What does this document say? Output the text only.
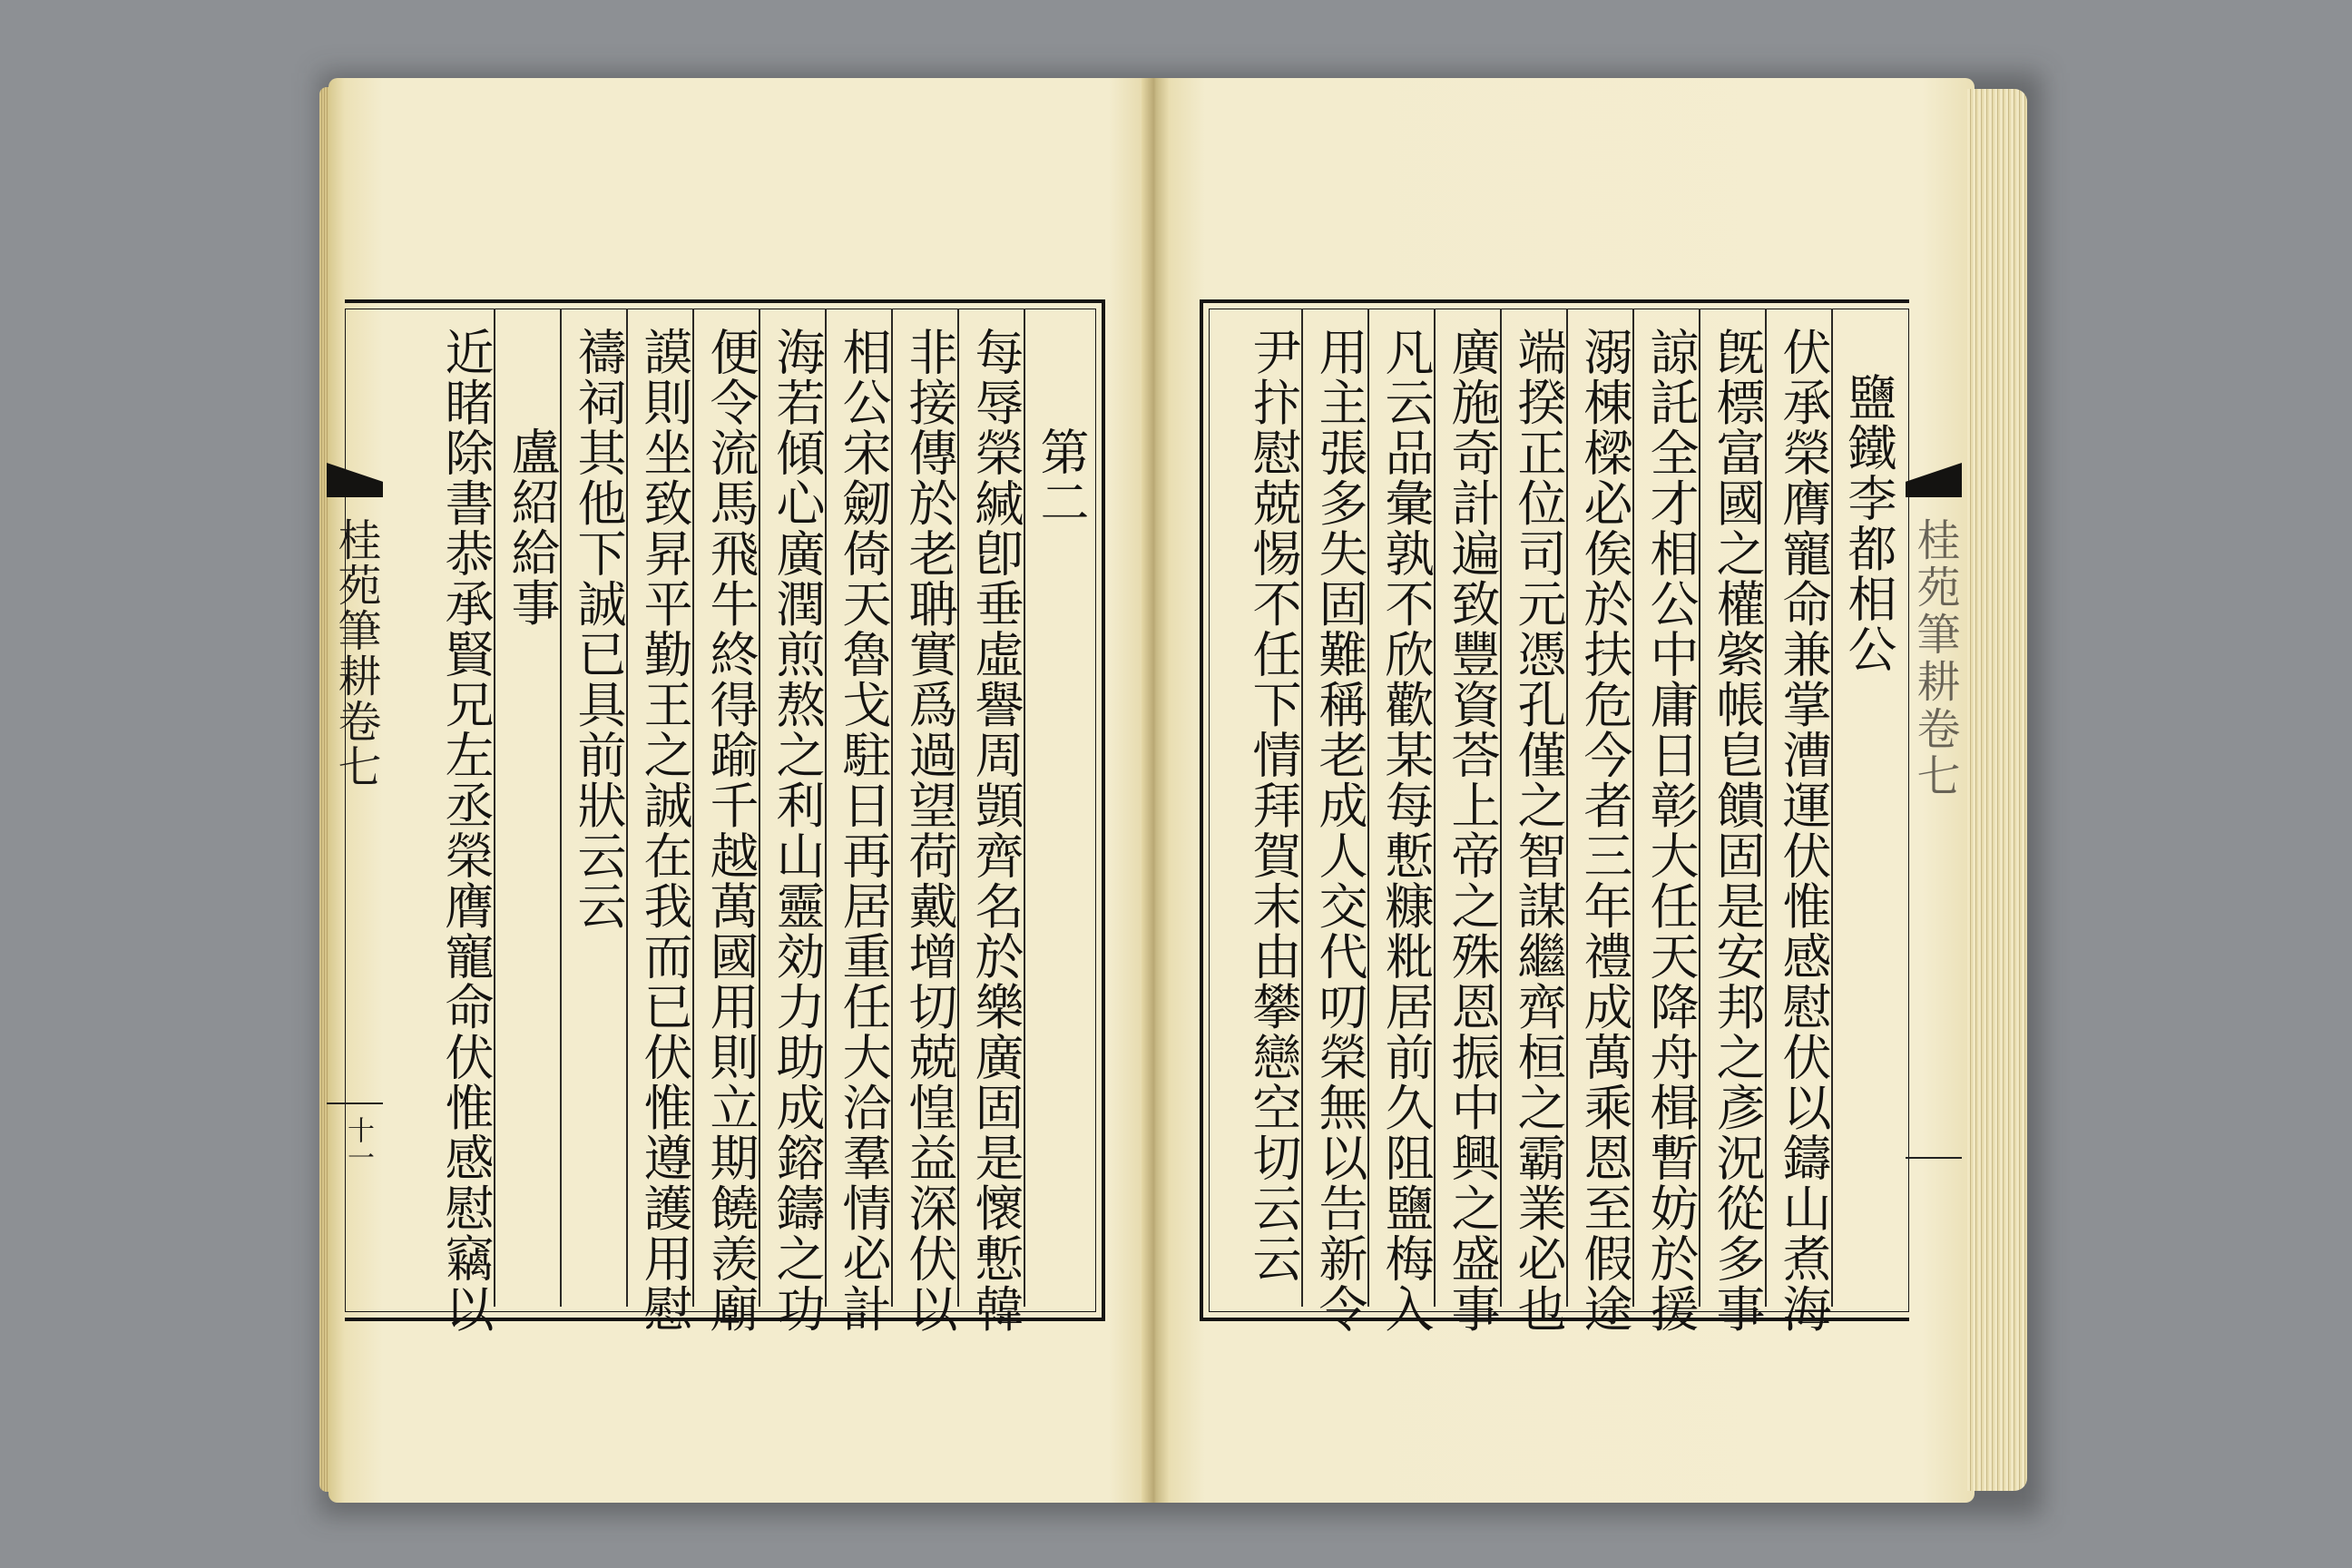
桂苑筆耕卷七
十一
第二
每辱榮緘卽垂虛譽周顗齊名於樂廣固是懷慙韓
非接傳於老聃實爲過望荷戴增切兢惶益深伏以
相公宋劒倚天魯戈駐日再居重任大洽羣情必計
海若傾心廣潤煎熬之利山靈効力助成鎔鑄之功
便令流馬飛牛終得踰千越萬國用則立期饒羡廟
謨則坐致昇平勤王之誠在我而已伏惟遵護用慰
禱祠其他下誠已具前狀云云
盧紹給事
近睹除書恭承賢兄左丞榮膺寵命伏惟感慰竊以	桂苑筆耕卷七
鹽鐵李都相公
伏承榮膺寵命兼掌漕運伏惟感慰伏以鑄山煮海
旣標富國之權綮帳皀饋固是安邦之彥況從多事
諒託全才相公中庸日彰大任天降舟楫暫妨於援
溺棟樑必俟於扶危今者三年禮成萬乘恩至假途
端揆正位司元憑孔僅之智謀繼齊桓之霸業必也
廣施奇計遍致豐資荅上帝之殊恩振中興之盛事
凡云品彙孰不欣歡某每慙糠粃居前久阻鹽梅入
用主張多失固難稱老成人交代叨榮無以告新令
尹抃慰兢惕不任下情拜賀末由攀戀空切云云
